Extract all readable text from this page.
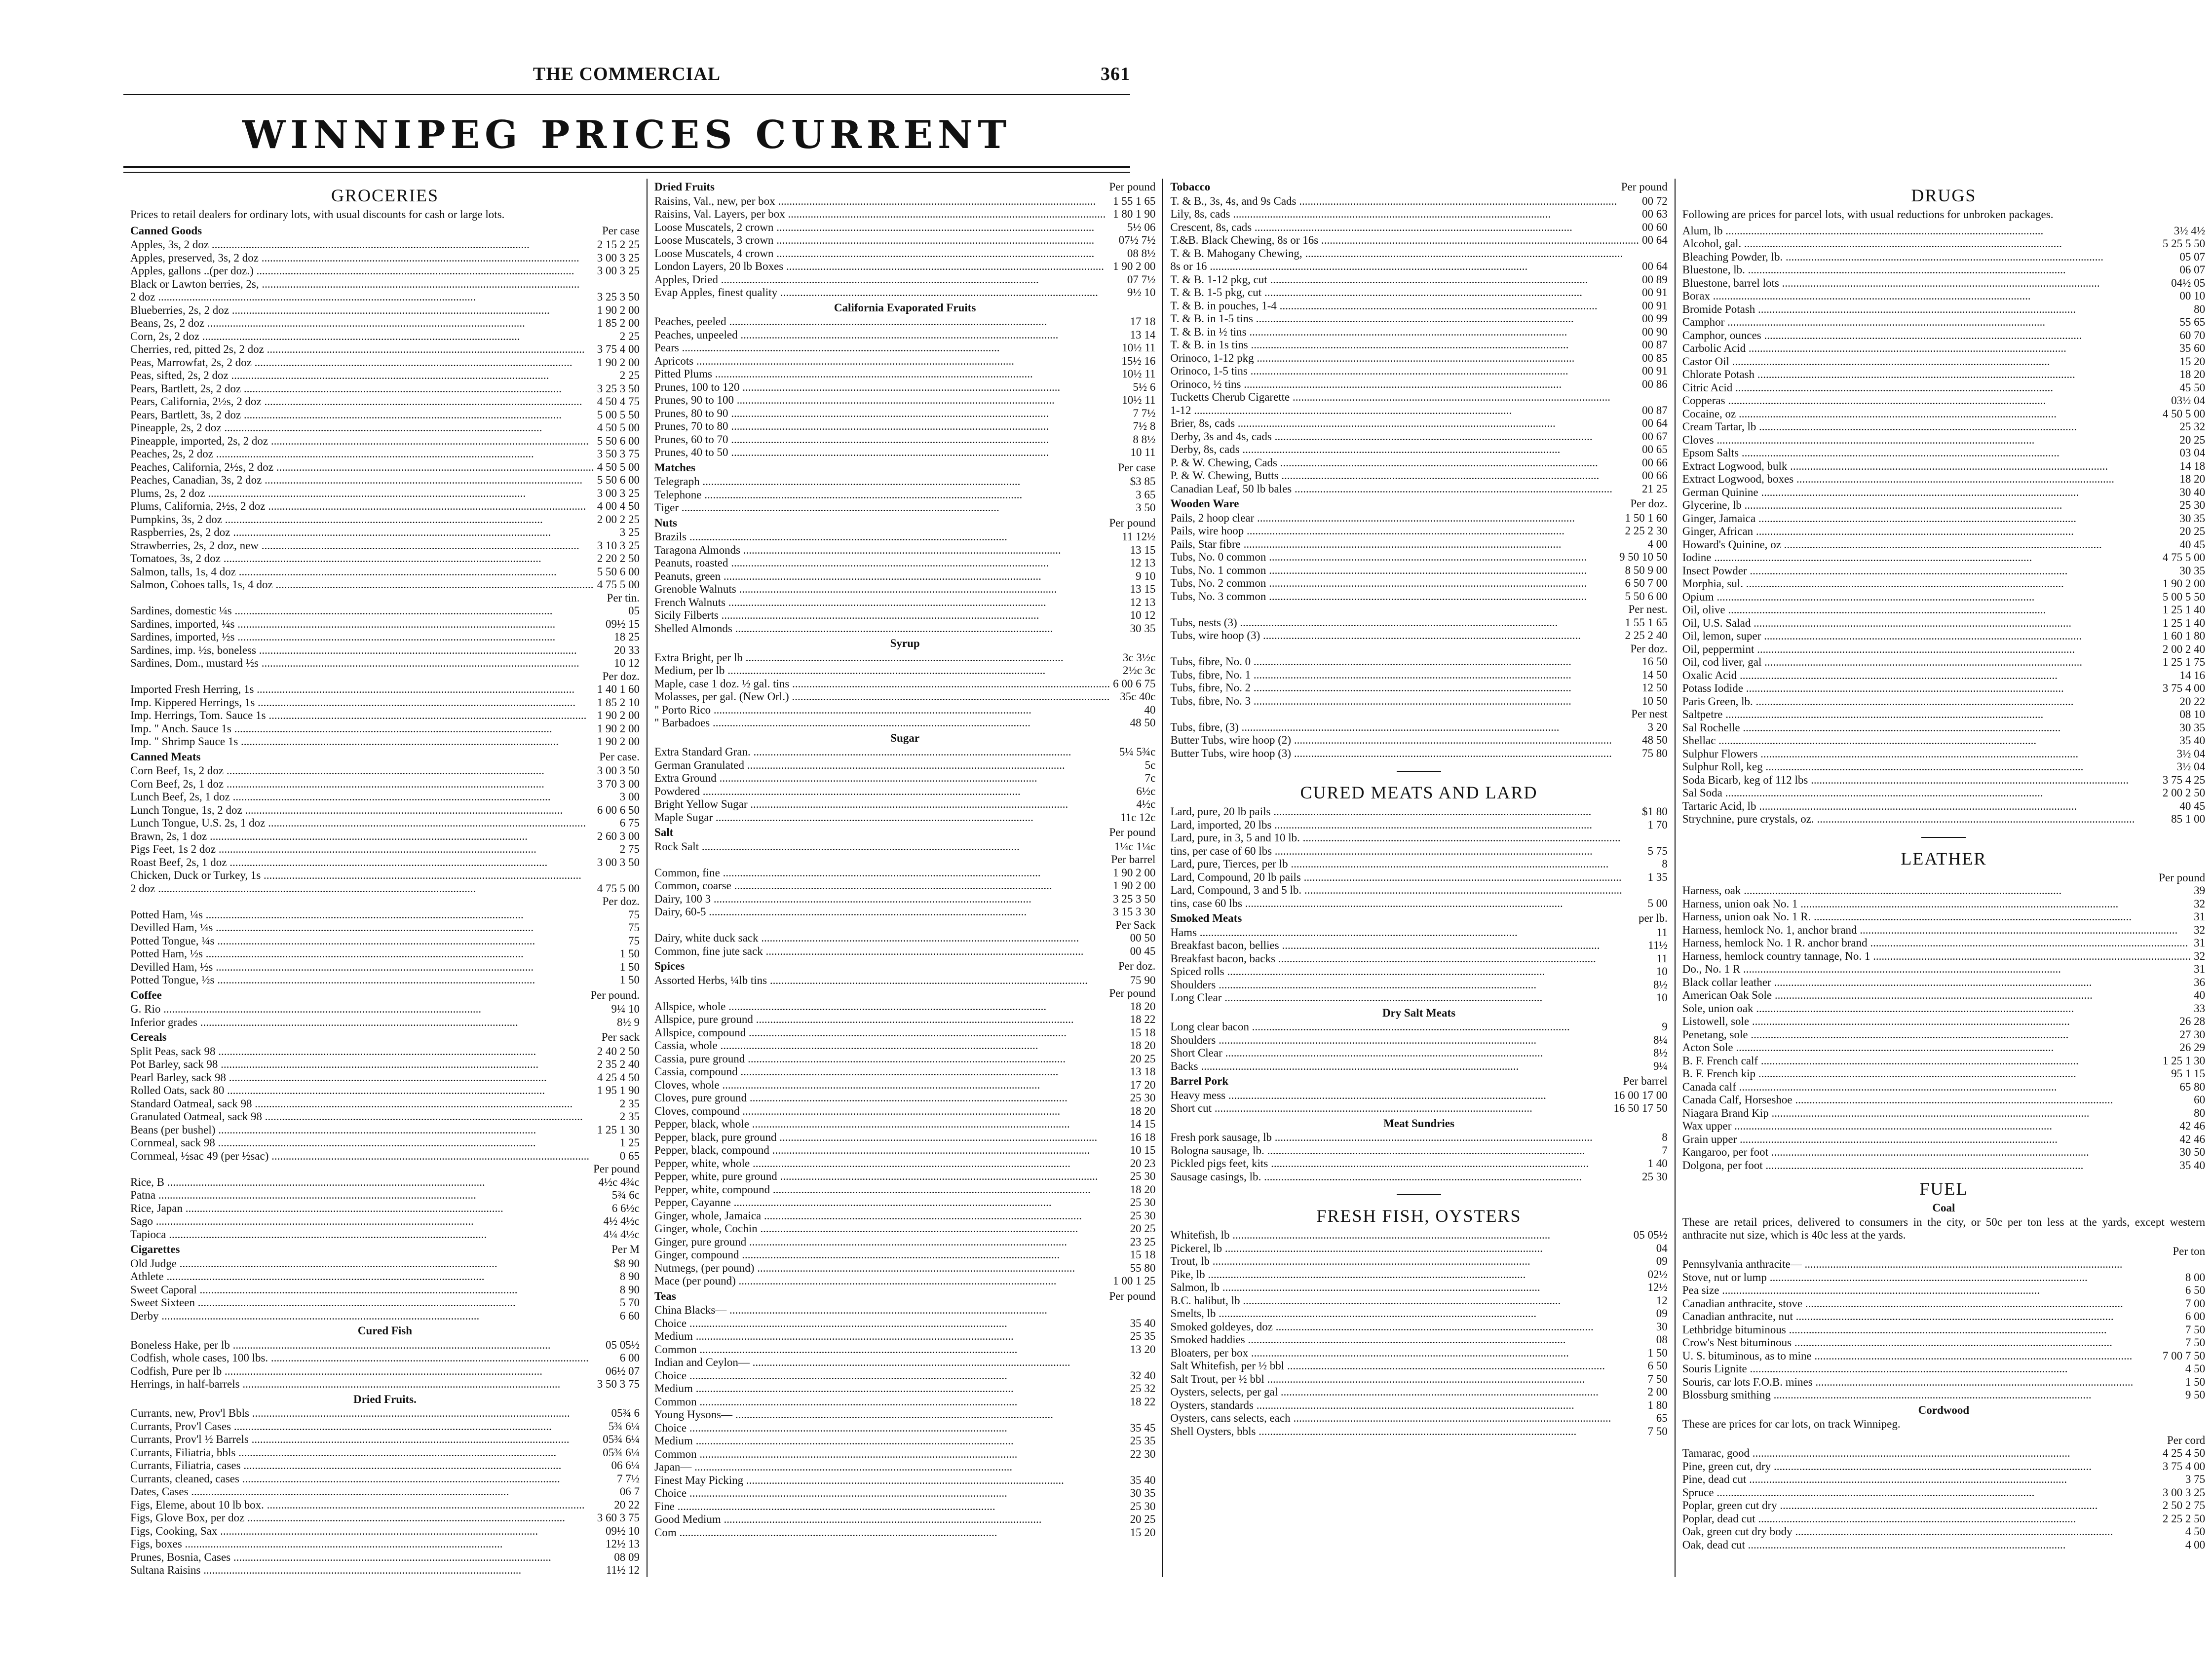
THE COMMERCIAL	361
WINNIPEG PRICES CURRENT
GROCERIES
Prices to retail dealers for ordinary lots, with usual discounts for cash or large lots.
Canned Goods	Per case
Apples, 3s, 2 doz .....	2 15 2 25
Apples, preserved, 3s, 2 doz .....	3 00 3 25
Apples, gallons ..(per doz.) .....	3 00 3 25
Black or Lawton berries, 2s, .....
2 doz .....	3 25 3 50
Blueberries, 2s, 2 doz .....	1 90 2 00
Beans, 2s, 2 doz .....	1 85 2 00
Corn, 2s, 2 doz .....	2 25
Cherries, red, pitted 2s, 2 doz .....	3 75 4 00
Peas, Marrowfat, 2s, 2 doz .....	1 90 2 00
Peas, sifted, 2s, 2 doz .....	2 25
Pears, Bartlett, 2s, 2 doz .....	3 25 3 50
Pears, California, 2½s, 2 doz .....	4 50 4 75
Pears, Bartlett, 3s, 2 doz .....	5 00 5 50
Pineapple, 2s, 2 doz .....	4 50 5 00
Pineapple, imported, 2s, 2 doz .....	5 50 6 00
Peaches, 2s, 2 doz .....	3 50 3 75
Peaches, California, 2½s, 2 doz .....	4 50 5 00
Peaches, Canadian, 3s, 2 doz .....	5 50 6 00
Plums, 2s, 2 doz .....	3 00 3 25
Plums, California, 2½s, 2 doz .....	4 00 4 50
Pumpkins, 3s, 2 doz .....	2 00 2 25
Raspberries, 2s, 2 doz .....	3 25
Strawberries, 2s, 2 doz, new .....	3 10 3 25
Tomatoes, 3s, 2 doz .....	2 20 2 50
Salmon, talls, 1s, 4 doz .....	5 50 6 00
Salmon, Cohoes talls, 1s, 4 doz .....	4 75 5 00
Per tin.
Sardines, domestic ¼s .....	05
Sardines, imported, ¼s .....	09½ 15
Sardines, imported, ½s .....	18 25
Sardines, imp. ½s, boneless .....	20 33
Sardines, Dom., mustard ½s .....	10 12
Per doz.
Imported Fresh Herring, 1s .....	1 40 1 60
Imp. Kippered Herrings, 1s .....	1 85 2 10
Imp. Herrings, Tom. Sauce 1s .....	1 90 2 00
Imp. " Anch. Sauce 1s .....	1 90 2 00
Imp. " Shrimp Sauce 1s .....	1 90 2 00
Canned Meats	Per case.
Corn Beef, 1s, 2 doz .....	3 00 3 50
Corn Beef, 2s, 1 doz .....	3 70 3 00
Lunch Beef, 2s, 1 doz .....	3 00
Lunch Tongue, 1s, 2 doz .....	6 00 6 50
Lunch Tongue, U.S. 2s, 1 doz .....	6 75
Brawn, 2s, 1 doz .....	2 60 3 00
Pigs Feet, 1s 2 doz .....	2 75
Roast Beef, 2s, 1 doz .....	3 00 3 50
Chicken, Duck or Turkey, 1s .....
2 doz .....	4 75 5 00
Per doz.
Potted Ham, ¼s .....	75
Devilled Ham, ¼s .....	75
Potted Tongue, ¼s .....	75
Potted Ham, ½s .....	1 50
Devilled Ham, ½s .....	1 50
Potted Tongue, ½s .....	1 50
Coffee	Per pound.
G. Rio .....	9¼ 10
Inferior grades .....	8½ 9
Cereals	Per sack
Split Peas, sack 98 .....	2 40 2 50
Pot Barley, sack 98 .....	2 35 2 40
Pearl Barley, sack 98 .....	4 25 4 50
Rolled Oats, sack 80 .....	1 95 1 90
Standard Oatmeal, sack 98 .....	2 35
Granulated Oatmeal, sack 98 .....	2 35
Beans (per bushel) .....	1 25 1 30
Cornmeal, sack 98 .....	1 25
Cornmeal, ½sac 49 (per ½sac) .....	0 65
Per pound
Rice, B .....	4½c 4¾c
Patna .....	5¾ 6c
Rice, Japan .....	6 6½c
Sago .....	4½ 4½c
Tapioca .....	4¼ 4½c
Cigarettes	Per M
Old Judge .....	$8 90
Athlete .....	8 90
Sweet Caporal .....	8 90
Sweet Sixteen .....	5 70
Derby .....	6 60
Cured Fish
Boneless Hake, per lb .....	05 05½
Codfish, whole cases, 100 lbs. .....	6 00
Codfish, Pure per lb .....	06½ 07
Herrings, in half-barrels .....	3 50 3 75
Dried Fruits.
Currants, new, Prov'l Bbls .....	05¾ 6
Currants, Prov'l Cases .....	5¾ 6¼
Currants, Prov'l ½ Barrels .....	05¾ 6¼
Currants, Filiatria, bbls .....	05¾ 6¼
Currants, Filiatria, cases .....	06 6¼
Currants, cleaned, cases .....	7 7½
Dates, Cases .....	06 7
Figs, Eleme, about 10 lb box. .....	20 22
Figs, Glove Box, per doz .....	3 60 3 75
Figs, Cooking, Sax .....	09½ 10
Figs, boxes .....	12½ 13
Prunes, Bosnia, Cases .....	08 09
Sultana Raisins .....	11½ 12
Dried Fruits	Per pound
Raisins, Val., new, per box .....	1 55 1 65
Raisins, Val. Layers, per box .....	1 80 1 90
Loose Muscatels, 2 crown .....	5½ 06
Loose Muscatels, 3 crown .....	07½ 7½
Loose Muscatels, 4 crown .....	08 8½
London Layers, 20 lb Boxes .....	1 90 2 00
Apples, Dried .....	07 7½
Evap Apples, finest quality .....	9½ 10
California Evaporated Fruits
Peaches, peeled .....	17 18
Peaches, unpeeled .....	13 14
Pears .....	10½ 11
Apricots .....	15½ 16
Pitted Plums .....	10½ 11
Prunes, 100 to 120 .....	5½ 6
Prunes, 90 to 100 .....	10½ 11
Prunes, 80 to 90 .....	7 7½
Prunes, 70 to 80 .....	7½ 8
Prunes, 60 to 70 .....	8 8½
Prunes, 40 to 50 .....	10 11
Matches	Per case
Telegraph .....	$3 85
Telephone .....	3 65
Tiger .....	3 50
Nuts	Per pound
Brazils .....	11 12½
Taragona Almonds .....	13 15
Peanuts, roasted .....	12 13
Peanuts, green .....	9 10
Grenoble Walnuts .....	13 15
French Walnuts .....	12 13
Sicily Filberts .....	10 12
Shelled Almonds .....	30 35
Syrup
Extra Bright, per lb .....	3c 3½c
Medium, per lb .....	2½c 3c
Maple, case 1 doz. ½ gal. tins .....	6 00 6 75
Molasses, per gal. (New Orl.) .....	35c 40c
" Porto Rico .....	40
" Barbadoes .....	48 50
Sugar
Extra Standard Gran. .....	5¼ 5¾c
German Granulated .....	5c
Extra Ground .....	7c
Powdered .....	6½c
Bright Yellow Sugar .....	4½c
Maple Sugar .....	11c 12c
Salt	Per pound
Rock Salt .....	1¼c 1¼c
Per barrel
Common, fine .....	1 90 2 00
Common, coarse .....	1 90 2 00
Dairy, 100 3 .....	3 25 3 50
Dairy, 60-5 .....	3 15 3 30
Per Sack
Dairy, white duck sack .....	00 50
Common, fine jute sack .....	00 45
Spices	Per doz.
Assorted Herbs, ¼lb tins .....	75 90
Per pound
Allspice, whole .....	18 20
Allspice, pure ground .....	18 22
Allspice, compound .....	15 18
Cassia, whole .....	18 20
Cassia, pure ground .....	20 25
Cassia, compound .....	13 18
Cloves, whole .....	17 20
Cloves, pure ground .....	25 30
Cloves, compound .....	18 20
Pepper, black, whole .....	14 15
Pepper, black, pure ground .....	16 18
Pepper, black, compound .....	10 15
Pepper, white, whole .....	20 23
Pepper, white, pure ground .....	25 30
Pepper, white, compound .....	18 20
Pepper, Cayanne .....	25 30
Ginger, whole, Jamaica .....	25 30
Ginger, whole, Cochin .....	20 25
Ginger, pure ground .....	23 25
Ginger, compound .....	15 18
Nutmegs, (per pound) .....	55 80
Mace (per pound) .....	1 00 1 25
Teas	Per pound
China Blacks— .....
Choice .....	35 40
Medium .....	25 35
Common .....	13 20
Indian and Ceylon— .....
Choice .....	32 40
Medium .....	25 32
Common .....	18 22
Young Hysons— .....
Choice .....	35 45
Medium .....	25 35
Common .....	22 30
Japan— .....
Finest May Picking .....	35 40
Choice .....	30 35
Fine .....	25 30
Good Medium .....	20 25
Com .....	15 20
Tobacco	Per pound
T. & B., 3s, 4s, and 9s Cads .....	00 72
Lily, 8s, cads .....	00 63
Crescent, 8s, cads .....	00 60
T.&B. Black Chewing, 8s or 16s .....	00 64
T. & B. Mahogany Chewing, .....
8s or 16 .....	00 64
T. & B. 1-12 pkg, cut .....	00 89
T. & B. 1-5 pkg, cut .....	00 91
T. & B. in pouches, 1-4 .....	00 91
T. & B. in 1-5 tins .....	00 99
T. & B. in ½ tins .....	00 90
T. & B. in 1s tins .....	00 87
Orinoco, 1-12 pkg .....	00 85
Orinoco, 1-5 tins .....	00 91
Orinoco, ½ tins .....	00 86
Tucketts Cherub Cigarette .....
1-12 .....	00 87
Brier, 8s, cads .....	00 64
Derby, 3s and 4s, cads .....	00 67
Derby, 8s, cads .....	00 65
P. & W. Chewing, Cads .....	00 66
P. & W. Chewing, Butts .....	00 66
Canadian Leaf, 50 lb bales .....	21 25
Wooden Ware	Per doz.
Pails, 2 hoop clear .....	1 50 1 60
Pails, wire hoop .....	2 25 2 30
Pails, Star fibre .....	4 00
Tubs, No. 0 common .....	9 50 10 50
Tubs, No. 1 common .....	8 50 9 00
Tubs, No. 2 common .....	6 50 7 00
Tubs, No. 3 common .....	5 50 6 00
Per nest.
Tubs, nests (3) .....	1 55 1 65
Tubs, wire hoop (3) .....	2 25 2 40
Per doz.
Tubs, fibre, No. 0 .....	16 50
Tubs, fibre, No. 1 .....	14 50
Tubs, fibre, No. 2 .....	12 50
Tubs, fibre, No. 3 .....	10 50
Per nest
Tubs, fibre, (3) .....	3 20
Butter Tubs, wire hoop (2) .....	48 50
Butter Tubs, wire hoop (3) .....	75 80
CURED MEATS AND LARD
Lard, pure, 20 lb pails .....	$1 80
Lard, imported, 20 lbs .....	1 70
Lard, pure, in 3, 5 and 10 lb. .....
tins, per case of 60 lbs .....	5 75
Lard, pure, Tierces, per lb .....	8
Lard, Compound, 20 lb pails .....	1 35
Lard, Compound, 3 and 5 lb. .....
tins, case 60 lbs .....	5 00
Smoked Meats	per lb.
Hams .....	11
Breakfast bacon, bellies .....	11½
Breakfast bacon, backs .....	11
Spiced rolls .....	10
Shoulders .....	8½
Long Clear .....	10
Dry Salt Meats
Long clear bacon .....	9
Shoulders .....	8¼
Short Clear .....	8½
Backs .....	9¼
Barrel Pork	Per barrel
Heavy mess .....	16 00 17 00
Short cut .....	16 50 17 50
Meat Sundries
Fresh pork sausage, lb .....	8
Bologna sausage, lb. .....	7
Pickled pigs feet, kits .....	1 40
Sausage casings, lb. .....	25 30
FRESH FISH, OYSTERS
Whitefish, lb .....	05 05½
Pickerel, lb .....	04
Trout, lb .....	09
Pike, lb .....	02½
Salmon, lb .....	12½
B.C. halibut, lb .....	12
Smelts, lb .....	09
Smoked goldeyes, doz .....	30
Smoked haddies .....	08
Bloaters, per box .....	1 50
Salt Whitefish, per ½ bbl .....	6 50
Salt Trout, per ½ bbl .....	7 50
Oysters, selects, per gal .....	2 00
Oysters, standards .....	1 80
Oysters, cans selects, each .....	65
Shell Oysters, bbls .....	7 50
DRUGS
Following are prices for parcel lots, with usual reductions for unbroken packages.
Alum, lb .....	3½ 4½
Alcohol, gal. .....	5 25 5 50
Bleaching Powder, lb. .....	05 07
Bluestone, lb. .....	06 07
Bluestone, barrel lots .....	04½ 05
Borax .....	00 10
Bromide Potash .....	80
Camphor .....	55 65
Camphor, ounces .....	60 70
Carbolic Acid .....	35 60
Castor Oil .....	15 20
Chlorate Potash .....	18 20
Citric Acid .....	45 50
Copperas .....	03½ 04
Cocaine, oz .....	4 50 5 00
Cream Tartar, lb .....	25 32
Cloves .....	20 25
Epsom Salts .....	03 04
Extract Logwood, bulk .....	14 18
Extract Logwood, boxes .....	18 20
German Quinine .....	30 40
Glycerine, lb .....	25 30
Ginger, Jamaica .....	30 35
Ginger, African .....	20 25
Howard's Quinine, oz .....	40 45
Iodine .....	4 75 5 00
Insect Powder .....	30 35
Morphia, sul. .....	1 90 2 00
Opium .....	5 00 5 50
Oil, olive .....	1 25 1 40
Oil, U.S. Salad .....	1 25 1 40
Oil, lemon, super .....	1 60 1 80
Oil, peppermint .....	2 00 2 40
Oil, cod liver, gal .....	1 25 1 75
Oxalic Acid .....	14 16
Potass Iodide .....	3 75 4 00
Paris Green, lb. .....	20 22
Saltpetre .....	08 10
Sal Rochelle .....	30 35
Shellac .....	35 40
Sulphur Flowers .....	3½ 04
Sulphur Roll, keg .....	3½ 04
Soda Bicarb, keg of 112 lbs .....	3 75 4 25
Sal Soda .....	2 00 2 50
Tartaric Acid, lb .....	40 45
Strychnine, pure crystals, oz. .....	85 1 00
LEATHER
Per pound
Harness, oak .....	39
Harness, union oak No. 1 .....	32
Harness, union oak No. 1 R. .....	31
Harness, hemlock No. 1, anchor brand .....	32
Harness, hemlock No. 1 R. anchor brand .....	31
Harness, hemlock country tannage, No. 1 .....	32
Do., No. 1 R .....	31
Black collar leather .....	36
American Oak Sole .....	40
Sole, union oak .....	33
Listowell, sole .....	26 28
Penetang, sole .....	27 30
Acton Sole .....	26 29
B. F. French calf .....	1 25 1 30
B. F. French kip .....	95 1 15
Canada calf .....	65 80
Canada Calf, Horseshoe .....	60
Niagara Brand Kip .....	80
Wax upper .....	42 46
Grain upper .....	42 46
Kangaroo, per foot .....	30 50
Dolgona, per foot .....	35 40
FUEL
Coal
These are retail prices, delivered to consumers in the city, or 50c per ton less at the yards, except western anthracite nut size, which is 40c less at the yards.
Per ton
Pennsylvania anthracite— .....
Stove, nut or lump .....	8 00
Pea size .....	6 50
Canadian anthracite, stove .....	7 00
Canadian anthracite, nut .....	6 00
Lethbridge bituminous .....	7 50
Crow's Nest bituminous .....	7 50
U. S. bituminous, as to mine .....	7 00 7 50
Souris Lignite .....	4 50
Souris, car lots F.O.B. mines .....	1 50
Blossburg smithing .....	9 50
Cordwood
These are prices for car lots, on track Winnipeg.
Per cord
Tamarac, good .....	4 25 4 50
Pine, green cut, dry .....	3 75 4 00
Pine, dead cut .....	3 75
Spruce .....	3 00 3 25
Poplar, green cut dry .....	2 50 2 75
Poplar, dead cut .....	2 25 2 50
Oak, green cut dry body .....	4 50
Oak, dead cut .....	4 00
